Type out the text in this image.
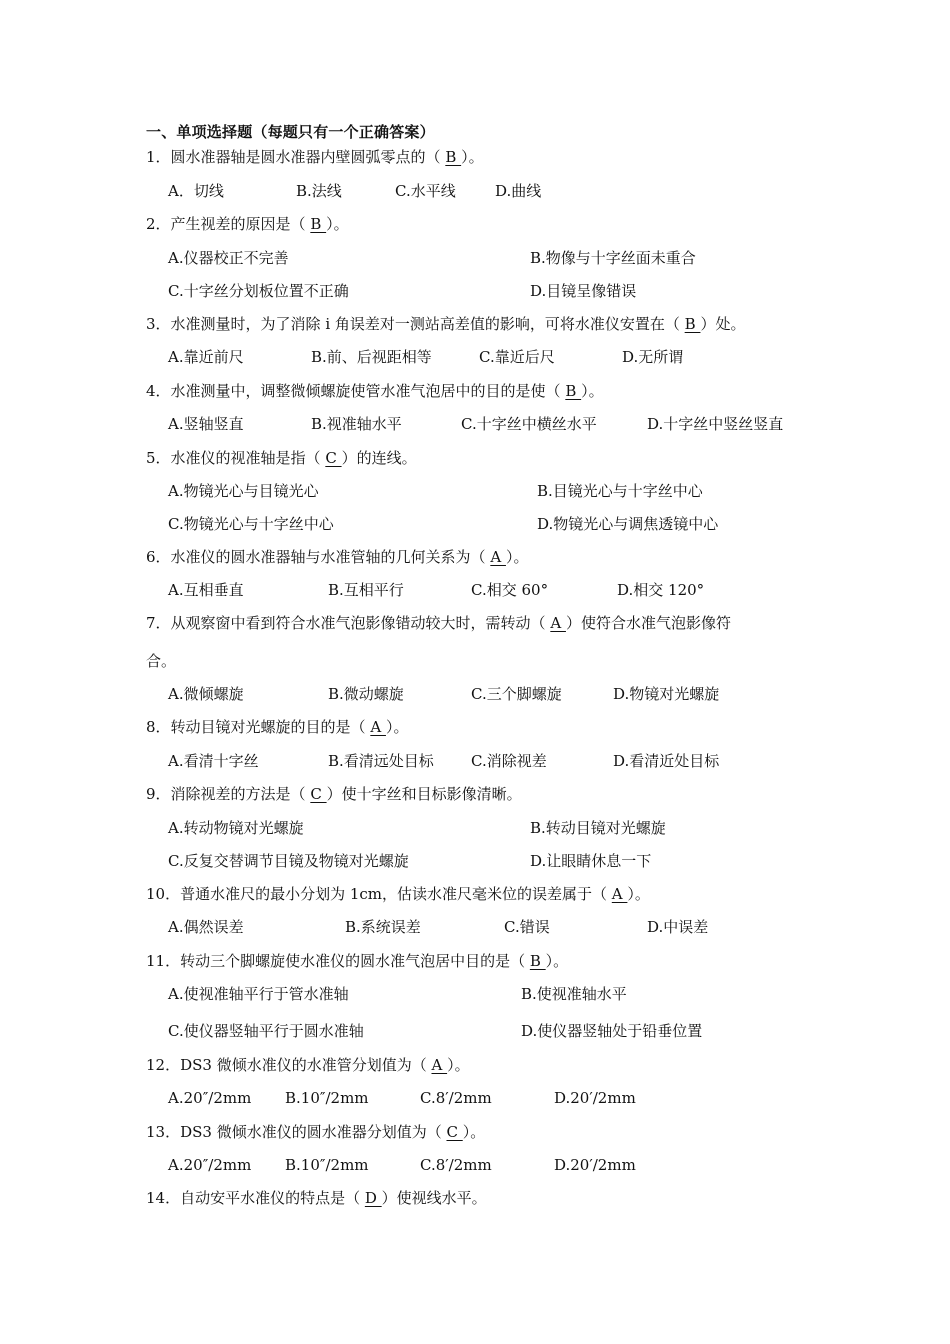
一、单项选择题（每题只有一个正确答案）
1．圆水准器轴是圆水准器内壁圆弧零点的（ B ）。
A．切线	B.法线	C.水平线	D.曲线
2．产生视差的原因是（ B ）。
A.仪器校正不完善	B.物像与十字丝面未重合
C.十字丝分划板位置不正确	D.目镜呈像错误
3．水准测量时，为了消除 i 角误差对一测站高差值的影响，可将水准仪安置在（ B ）处。
A.靠近前尺	B.前、后视距相等	C.靠近后尺	D.无所谓
4．水准测量中，调整微倾螺旋使管水准气泡居中的目的是使（ B ）。
A.竖轴竖直	B.视准轴水平	C.十字丝中横丝水平	D.十字丝中竖丝竖直
5．水准仪的视准轴是指（ C ）的连线。
A.物镜光心与目镜光心	B.目镜光心与十字丝中心
C.物镜光心与十字丝中心	D.物镜光心与调焦透镜中心
6．水准仪的圆水准器轴与水准管轴的几何关系为（ A ）。
A.互相垂直	B.互相平行	C.相交 60°	D.相交 120°
7．从观察窗中看到符合水准气泡影像错动较大时，需转动（ A ）使符合水准气泡影像符
合。
A.微倾螺旋	B.微动螺旋	C.三个脚螺旋	D.物镜对光螺旋
8．转动目镜对光螺旋的目的是（ A ）。
A.看清十字丝	B.看清远处目标 C.消除视差	D.看清近处目标
9．消除视差的方法是（ C ）使十字丝和目标影像清晰。
A.转动物镜对光螺旋	B.转动目镜对光螺旋
C.反复交替调节目镜及物镜对光螺旋	D.让眼睛休息一下
10．普通水准尺的最小分划为 1cm，估读水准尺毫米位的误差属于（ A ）。
A.偶然误差	B.系统误差	C.错误	D.中误差
11．转动三个脚螺旋使水准仪的圆水准气泡居中目的是（ B ）。
A.使视准轴平行于管水准轴	B.使视准轴水平
C.使仪器竖轴平行于圆水准轴	D.使仪器竖轴处于铅垂位置
12．DS3 微倾水准仪的水准管分划值为（ A ）。
A.20″/2mm B.10″/2mm	C.8′/2mm	D.20′/2mm
13．DS3 微倾水准仪的圆水准器分划值为（ C ）。
A.20″/2mm B.10″/2mm	C.8′/2mm	D.20′/2mm
14．自动安平水准仪的特点是（ D ）使视线水平。
